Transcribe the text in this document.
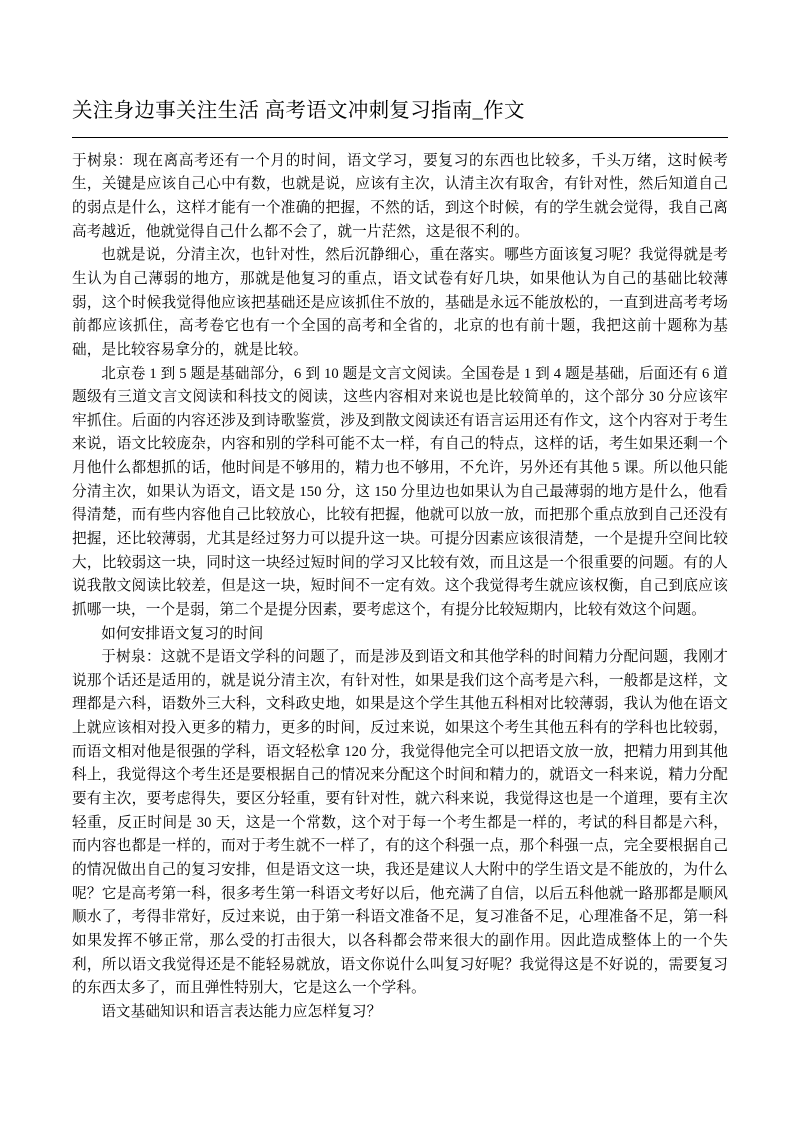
关注身边事关注生活 高考语文冲刺复习指南_作文

于树泉：现在离高考还有一个月的时间，语文学习，要复习的东西也比较多，千头万绪，这时候考生，关键是应该自己心中有数，也就是说，应该有主次，认清主次有取舍，有针对性，然后知道自己的弱点是什么，这样才能有一个准确的把握，不然的话，到这个时候，有的学生就会觉得，我自己离高考越近，他就觉得自己什么都不会了，就一片茫然，这是很不利的。

也就是说，分清主次，也针对性，然后沉静细心，重在落实。哪些方面该复习呢？我觉得就是考生认为自己薄弱的地方，那就是他复习的重点，语文试卷有好几块，如果他认为自己的基础比较薄弱，这个时候我觉得他应该把基础还是应该抓住不放的，基础是永远不能放松的，一直到进高考考场前都应该抓住，高考卷它也有一个全国的高考和全省的，北京的也有前十题，我把这前十题称为基础，是比较容易拿分的，就是比较。

北京卷 1 到 5 题是基础部分，6 到 10 题是文言文阅读。全国卷是 1 到 4 题是基础，后面还有 6 道题级有三道文言文阅读和科技文的阅读，这些内容相对来说也是比较简单的，这个部分 30 分应该牢牢抓住。后面的内容还涉及到诗歌鉴赏，涉及到散文阅读还有语言运用还有作文，这个内容对于考生来说，语文比较庞杂，内容和别的学科可能不太一样，有自己的特点，这样的话，考生如果还剩一个月他什么都想抓的话，他时间是不够用的，精力也不够用，不允许，另外还有其他 5 课。所以他只能分清主次，如果认为语文，语文是 150 分，这 150 分里边也如果认为自己最薄弱的地方是什么，他看得清楚，而有些内容他自己比较放心，比较有把握，他就可以放一放，而把那个重点放到自己还没有把握，还比较薄弱，尤其是经过努力可以提升这一块。可提分因素应该很清楚，一个是提升空间比较大，比较弱这一块，同时这一块经过短时间的学习又比较有效，而且这是一个很重要的问题。有的人说我散文阅读比较差，但是这一块，短时间不一定有效。这个我觉得考生就应该权衡，自己到底应该抓哪一块，一个是弱，第二个是提分因素，要考虑这个，有提分比较短期内，比较有效这个问题。

如何安排语文复习的时间

于树泉：这就不是语文学科的问题了，而是涉及到语文和其他学科的时间精力分配问题，我刚才说那个话还是适用的，就是说分清主次，有针对性，如果是我们这个高考是六科，一般都是这样，文理都是六科，语数外三大科，文科政史地，如果是这个学生其他五科相对比较薄弱，我认为他在语文上就应该相对投入更多的精力，更多的时间，反过来说，如果这个考生其他五科有的学科也比较弱，而语文相对他是很强的学科，语文轻松拿 120 分，我觉得他完全可以把语文放一放，把精力用到其他科上，我觉得这个考生还是要根据自己的情况来分配这个时间和精力的，就语文一科来说，精力分配要有主次，要考虑得失，要区分轻重，要有针对性，就六科来说，我觉得这也是一个道理，要有主次轻重，反正时间是 30 天，这是一个常数，这个对于每一个考生都是一样的，考试的科目都是六科，而内容也都是一样的，而对于考生就不一样了，有的这个科强一点，那个科强一点，完全要根据自己的情况做出自己的复习安排，但是语文这一块，我还是建议人大附中的学生语文是不能放的，为什么呢？它是高考第一科，很多考生第一科语文考好以后，他充满了自信，以后五科他就一路那都是顺风顺水了，考得非常好，反过来说，由于第一科语文准备不足，复习准备不足，心理准备不足，第一科如果发挥不够正常，那么受的打击很大，以各科都会带来很大的副作用。因此造成整体上的一个失利，所以语文我觉得还是不能轻易就放，语文你说什么叫复习好呢？我觉得这是不好说的，需要复习的东西太多了，而且弹性特别大，它是这么一个学科。

语文基础知识和语言表达能力应怎样复习？
